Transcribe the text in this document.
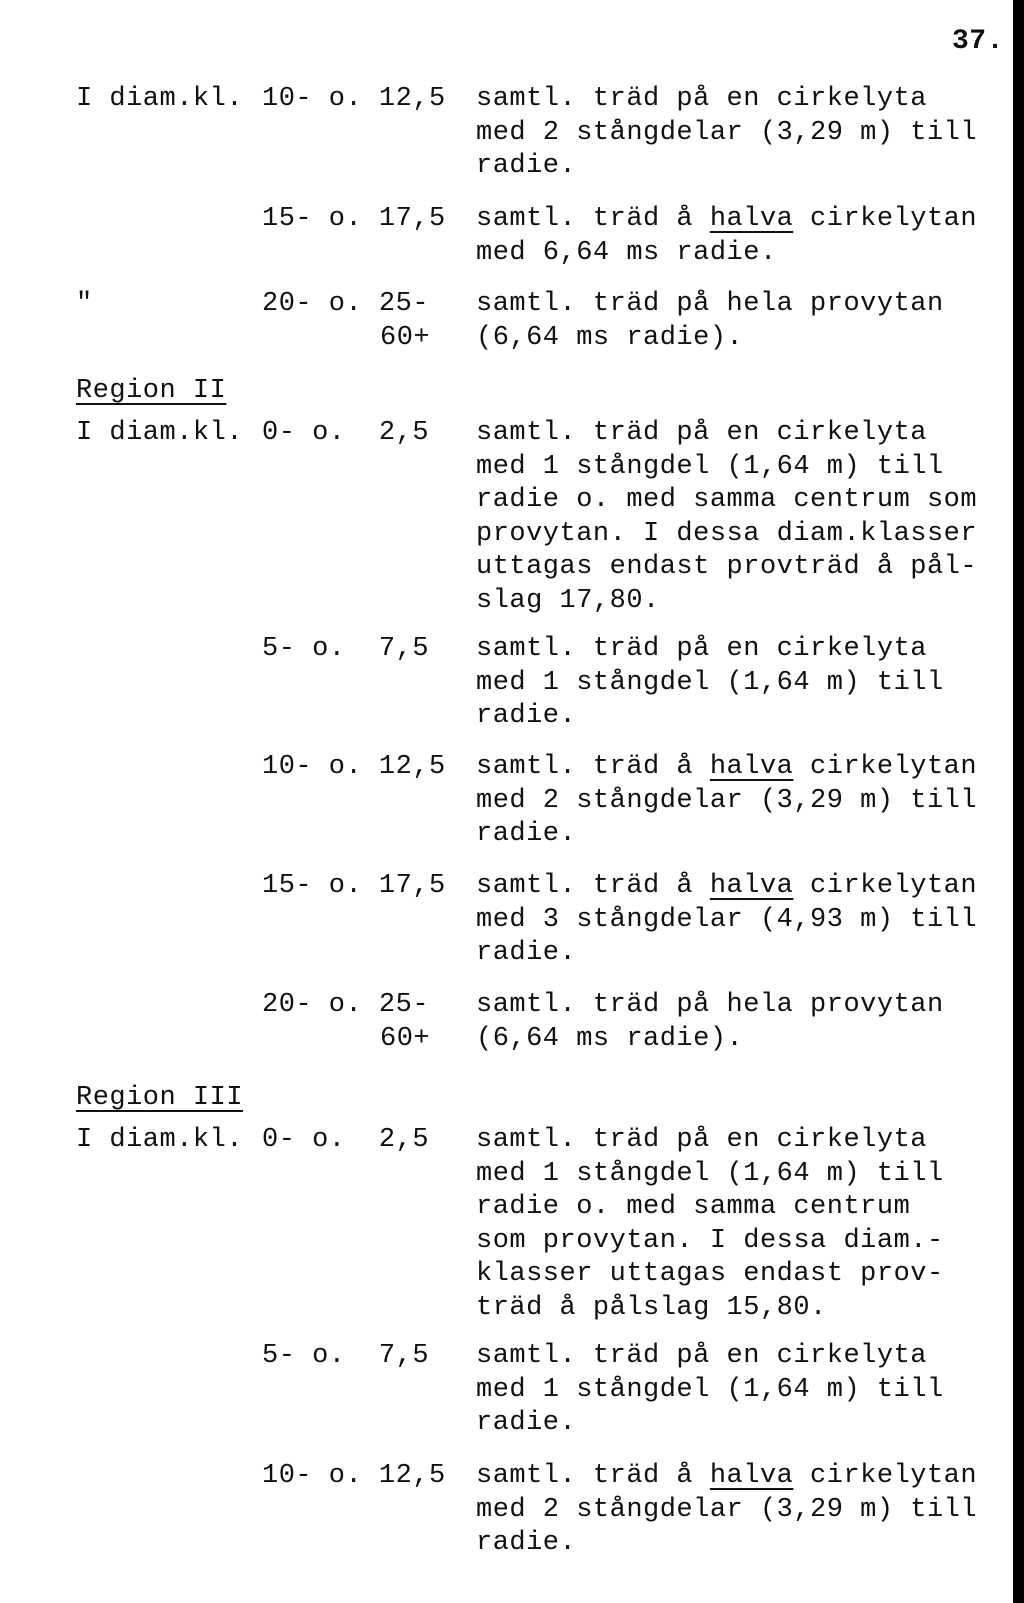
37.
I diam.kl. 10- o. 12,5 samtl. träd på en cirkelyta
med 2 stångdelar (3,29 m) till
radie.
15- o. 17,5 samtl. träd å halva cirkelytan
med 6,64 ms radie.
"	20- o. 25-
60+
samtl. träd på hela provytan
(6,64 ms radie).
Region II
I diam.kl. 0- o.  2,5 samtl. träd på en cirkelyta
med 1 stångdel (1,64 m) till
radie o. med samma centrum som
provytan. I dessa diam.klasser
uttagas endast provträd å pål-
slag 17,80.
5- o.  7,5 samtl. träd på en cirkelyta
med 1 stångdel (1,64 m) till
radie.
10- o. 12,5 samtl. träd å halva cirkelytan
med 2 stångdelar (3,29 m) till
radie.
15- o. 17,5 samtl. träd å halva cirkelytan
med 3 stångdelar (4,93 m) till
radie.
20- o. 25-
60+
samtl. träd på hela provytan
(6,64 ms radie).
Region III
I diam.kl. 0- o.  2,5 samtl. träd på en cirkelyta
med 1 stångdel (1,64 m) till
radie o. med samma centrum
som provytan. I dessa diam.-
klasser uttagas endast prov-
träd å pålslag 15,80.
5- o.  7,5 samtl. träd på en cirkelyta
med 1 stångdel (1,64 m) till
radie.
10- o. 12,5 samtl. träd å halva cirkelytan
med 2 stångdelar (3,29 m) till
radie.
